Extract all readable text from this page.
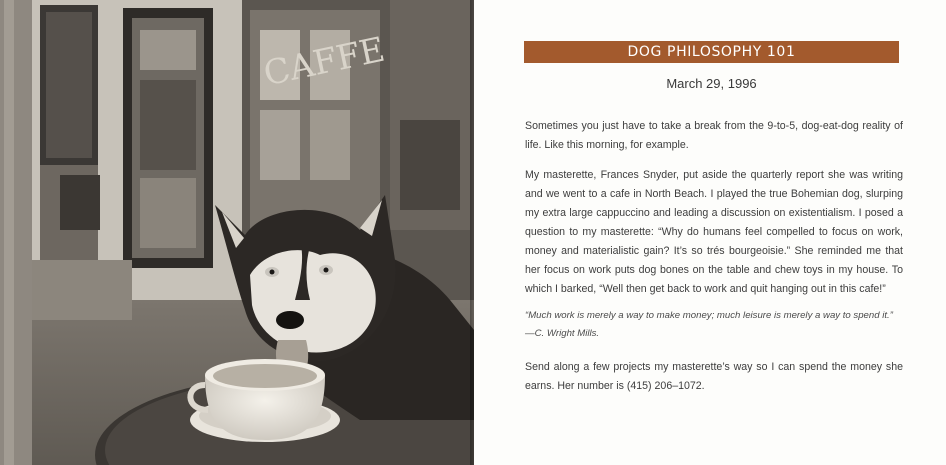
CAFFE	DOG PHILOSOPHY 101
March 29, 1996
Sometimes you just have to take a break from the 9-to-5, dog-eat-dog reality of life. Like this morning, for example.
My masterette, Frances Snyder, put aside the quarterly report she was writing and we went to a cafe in North Beach. I played the true Bohemian dog, slurping my extra large cappuccino and leading a discussion on existentialism. I posed a question to my masterette: “Why do humans feel compelled to focus on work, money and materialistic gain? It’s so trés bourgeoisie.” She reminded me that her focus on work puts dog bones on the table and chew toys in my house. To which I barked, “Well then get back to work and quit hanging out in this cafe!”
“Much work is merely a way to make money; much leisure is merely a way to spend it.”
—C. Wright Mills.
Send along a few projects my masterette’s way so I can spend the money she earns. Her number is (415) 206–1072.
